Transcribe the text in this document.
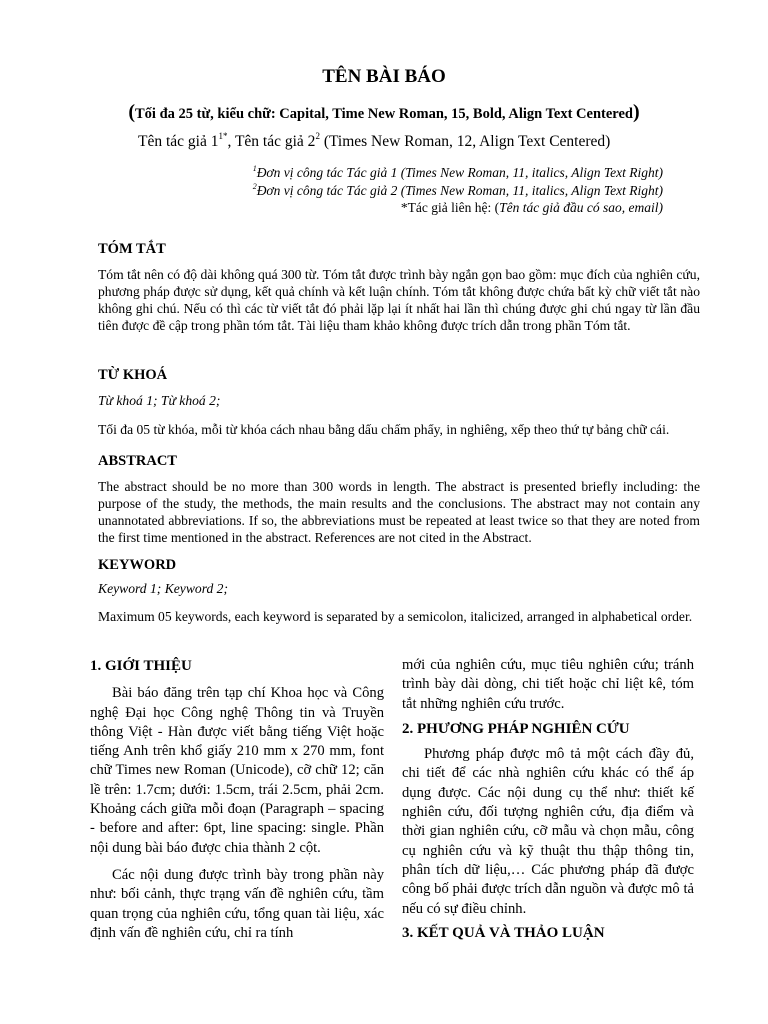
TÊN BÀI BÁO
(Tối đa 25 từ, kiểu chữ: Capital, Time New Roman, 15, Bold, Align Text Centered)
Tên tác giả $1^{1*}$, Tên tác giả $2^2$ (Times New Roman, 12, Align Text Centered)
$^1$Đơn vị công tác Tác giả 1 (Times New Roman, 11, italics, Align Text Right)
$^2$Đơn vị công tác Tác giả 2 (Times New Roman, 11, italics, Align Text Right)
*Tác giả liên hệ: (Tên tác giả đầu có sao, email)
TÓM TẮT
Tóm tắt nên có độ dài không quá 300 từ. Tóm tắt được trình bày ngắn gọn bao gồm: mục đích của nghiên cứu, phương pháp được sử dụng, kết quả chính và kết luận chính. Tóm tắt không được chứa bất kỳ chữ viết tắt nào không ghi chú. Nếu có thì các từ viết tắt đó phải lặp lại ít nhất hai lần thì chúng được ghi chú ngay từ lần đầu tiên được đề cập trong phần tóm tắt. Tài liệu tham khảo không được trích dẫn trong phần Tóm tắt.
TỪ KHOÁ
Từ khoá 1; Từ khoá 2;
Tối đa 05 từ khóa, mỗi từ khóa cách nhau bằng dấu chấm phẩy, in nghiêng, xếp theo thứ tự bảng chữ cái.
ABSTRACT
The abstract should be no more than 300 words in length. The abstract is presented briefly including: the purpose of the study, the methods, the main results and the conclusions. The abstract may not contain any unannotated abbreviations. If so, the abbreviations must be repeated at least twice so that they are noted from the first time mentioned in the abstract. References are not cited in the Abstract.
KEYWORD
Keyword 1; Keyword 2;
Maximum 05 keywords, each keyword is separated by a semicolon, italicized, arranged in alphabetical order.
1. GIỚI THIỆU

Bài báo đăng trên tạp chí Khoa học và Công nghệ Đại học Công nghệ Thông tin và Truyền thông Việt - Hàn được viết bằng tiếng Việt hoặc tiếng Anh trên khổ giấy 210 mm x 270 mm, font chữ Times new Roman (Unicode), cỡ chữ 12; căn lề trên: 1.7cm; dưới: 1.5cm, trái 2.5cm, phải 2cm. Khoảng cách giữa mỗi đoạn (Paragraph – spacing - before and after: 6pt, line spacing: single. Phần nội dung bài báo được chia thành 2 cột.

Các nội dung được trình bày trong phần này như: bối cảnh, thực trạng vấn đề nghiên cứu, tầm quan trọng của nghiên cứu, tổng quan tài liệu, xác định vấn đề nghiên cứu, chỉ ra tính

mới của nghiên cứu, mục tiêu nghiên cứu; tránh trình bày dài dòng, chi tiết hoặc chỉ liệt kê, tóm tắt những nghiên cứu trước.
2. PHƯƠNG PHÁP NGHIÊN CỨU

Phương pháp được mô tả một cách đầy đủ, chi tiết để các nhà nghiên cứu khác có thể áp dụng được. Các nội dung cụ thể như: thiết kế nghiên cứu, đối tượng nghiên cứu, địa điểm và thời gian nghiên cứu, cỡ mẫu và chọn mẫu, công cụ nghiên cứu và kỹ thuật thu thập thông tin, phân tích dữ liệu,… Các phương pháp đã được công bố phải được trích dẫn nguồn và được mô tả nếu có sự điều chỉnh.

3. KẾT QUẢ VÀ THẢO LUẬN
